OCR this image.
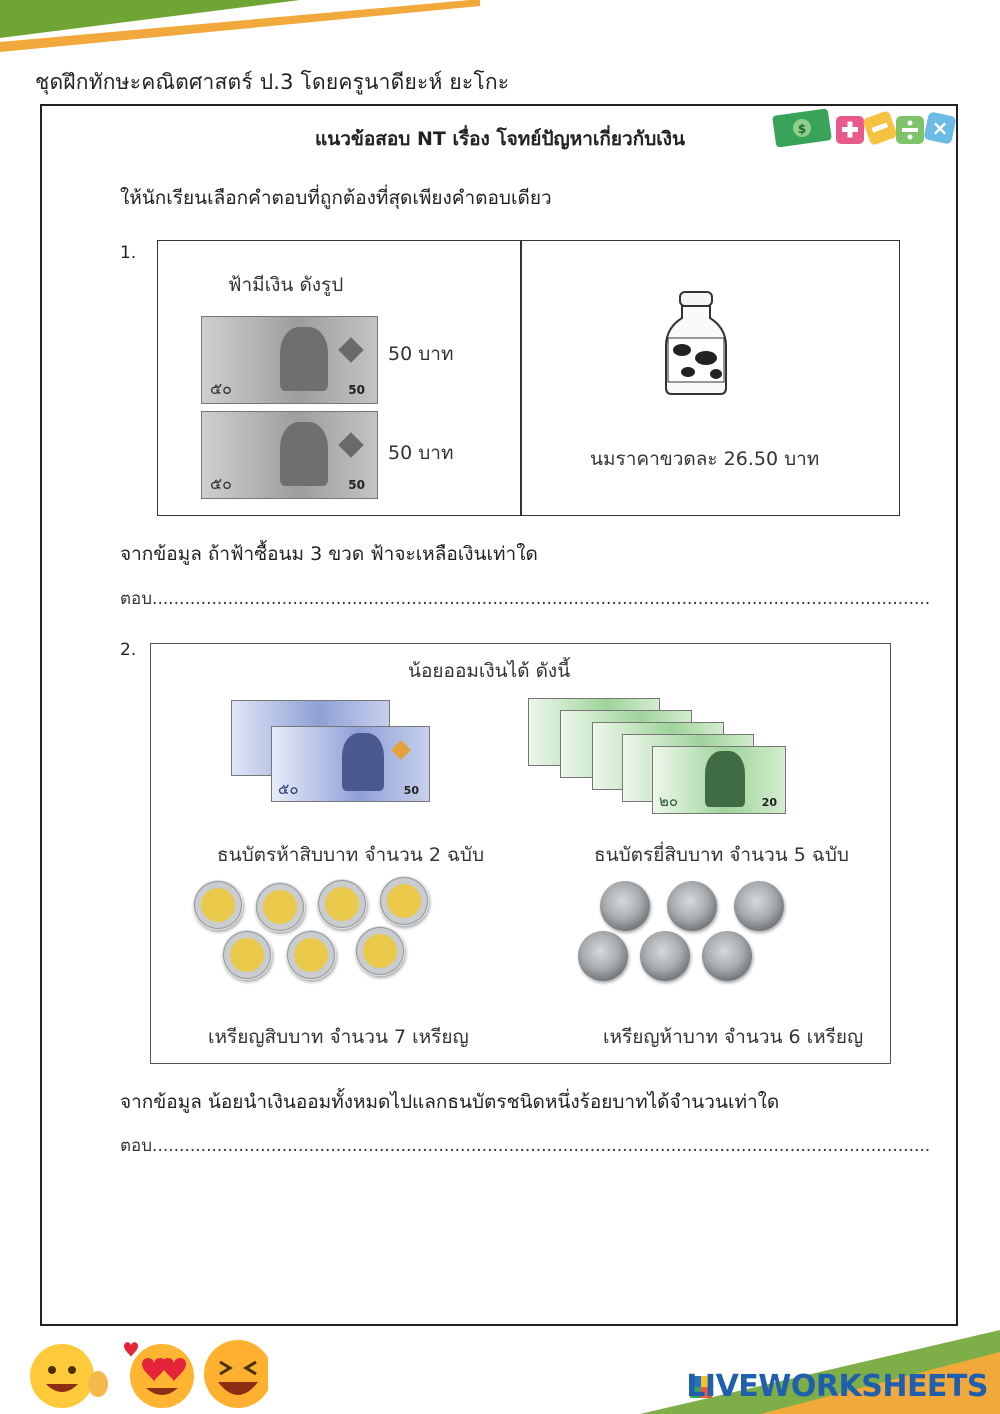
ชุดฝึกทักษะคณิตศาสตร์ ป.3 โดยครูนาดียะห์ ยะโกะ
$	×
แนวข้อสอบ NT เรื่อง โจทย์ปัญหาเกี่ยวกับเงิน
ให้นักเรียนเลือกคำตอบที่ถูกต้องที่สุดเพียงคำตอบเดียว
1.
ฟ้ามีเงิน ดังรูป
๕๐	50
50 บาท
๕๐	50
50 บาท	นมราคาขวดละ 26.50 บาท
จากข้อมูล ถ้าฟ้าซื้อนม 3 ขวด ฟ้าจะเหลือเงินเท่าใด
ตอบ................................................................................................................................................
2.
น้อยออมเงินได้ ดังนี้
๕๐	50
ธนบัตรห้าสิบบาท จำนวน 2 ฉบับ
๒๐	20
ธนบัตรยี่สิบบาท จำนวน 5 ฉบับ
เหรียญสิบบาท จำนวน 7 เหรียญ	เหรียญห้าบาท จำนวน 6 เหรียญ
จากข้อมูล น้อยนำเงินออมทั้งหมดไปแลกธนบัตรชนิดหนึ่งร้อยบาทได้จำนวนเท่าใด
ตอบ................................................................................................................................................
LIVEWORKSHEETS
